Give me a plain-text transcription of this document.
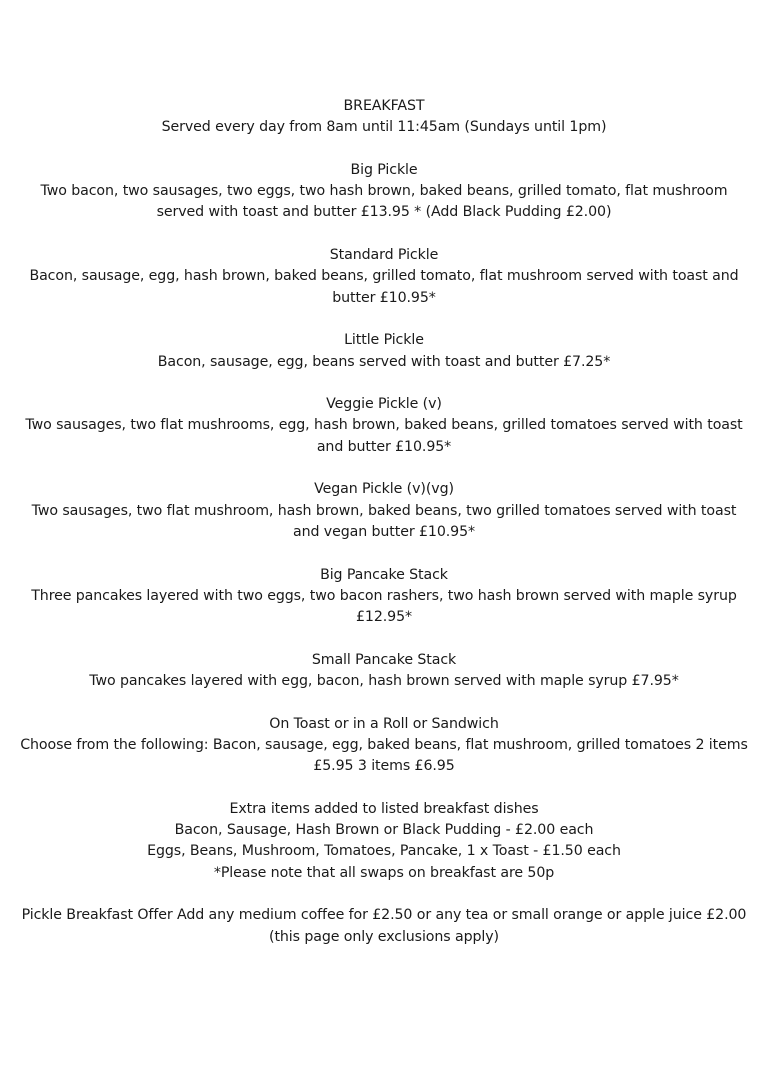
BREAKFAST
Served every day from 8am until 11:45am (Sundays until 1pm)
Big Pickle
Two bacon, two sausages, two eggs, two hash brown, baked beans, grilled tomato, flat mushroom
served with toast and butter £13.95 * (Add Black Pudding £2.00)
Standard Pickle
Bacon, sausage, egg, hash brown, baked beans, grilled tomato, flat mushroom served with toast and
butter £10.95*
Little Pickle
Bacon, sausage, egg, beans served with toast and butter £7.25*
Veggie Pickle (v)
Two sausages, two flat mushrooms, egg, hash brown, baked beans, grilled tomatoes served with toast
and butter £10.95*
Vegan Pickle (v)(vg)
Two sausages, two flat mushroom, hash brown, baked beans, two grilled tomatoes served with toast
and vegan butter £10.95*
Big Pancake Stack
Three pancakes layered with two eggs, two bacon rashers, two hash brown served with maple syrup
£12.95*
Small Pancake Stack
Two pancakes layered with egg, bacon, hash brown served with maple syrup £7.95*
On Toast or in a Roll or Sandwich
Choose from the following: Bacon, sausage, egg, baked beans, flat mushroom, grilled tomatoes 2 items
£5.95 3 items £6.95
Extra items added to listed breakfast dishes
Bacon, Sausage, Hash Brown or Black Pudding - £2.00 each
Eggs, Beans, Mushroom, Tomatoes, Pancake, 1 x Toast - £1.50 each
*Please note that all swaps on breakfast are 50p
Pickle Breakfast Offer Add any medium coffee for £2.50 or any tea or small orange or apple juice £2.00
(this page only exclusions apply)
